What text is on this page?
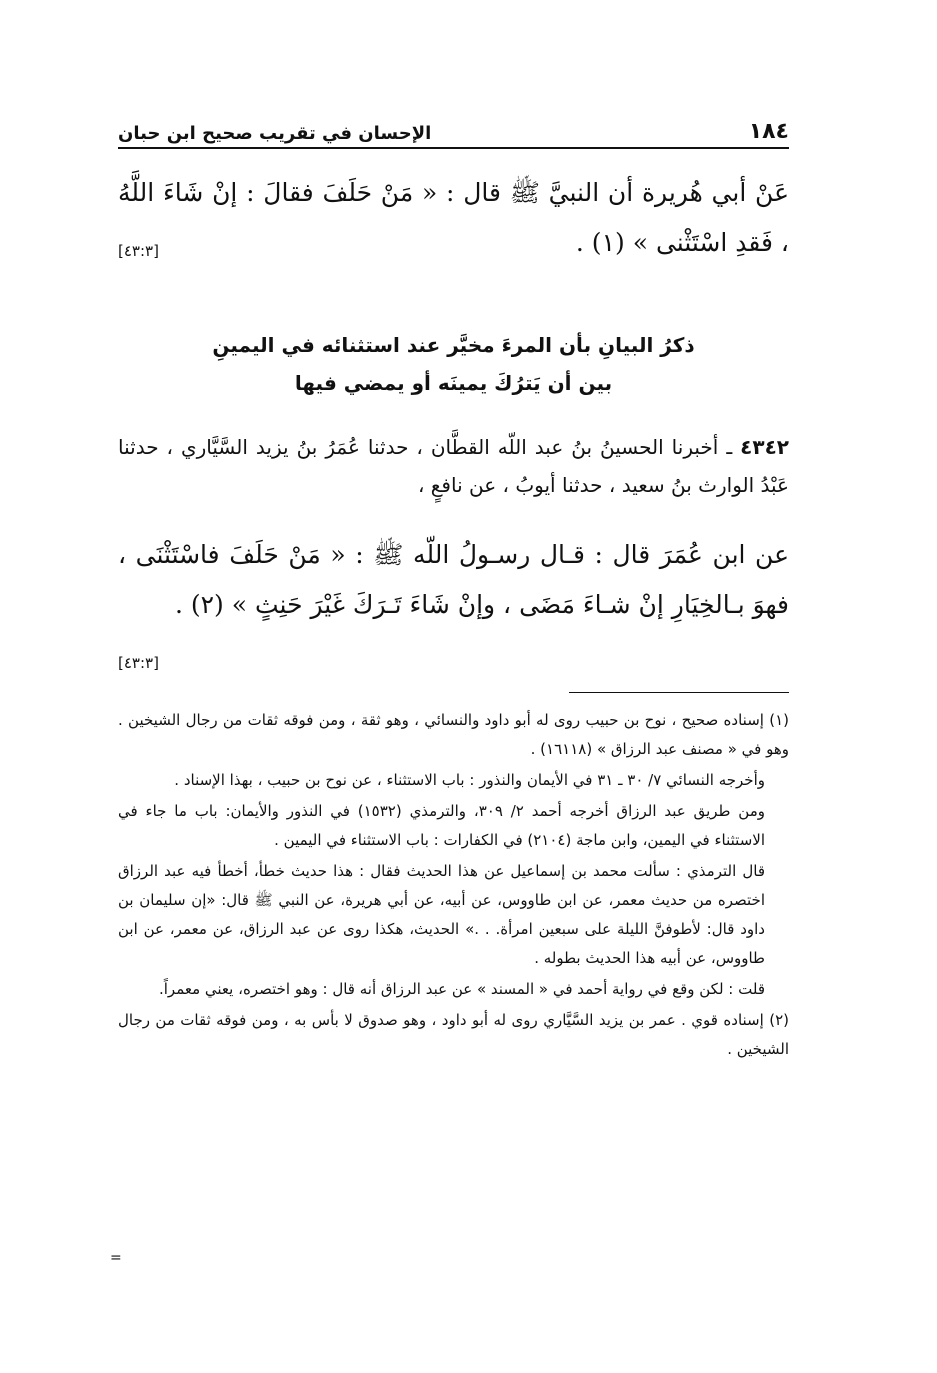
١٨٤
الإحسان في تقريب صحيح ابن حبان
عَنْ أبي هُريرة أن النبيَّ ﷺ قال : « مَنْ حَلَفَ فقالَ : إنْ شَاءَ اللَّهُ ، فَقدِ اسْتَثْنى » (١) .
[٤٣:٣]
ذكرُ البيانِ بأن المرءَ مخيَّر عند استثنائه في اليمينِ
بين أن يَترُكَ يمينَه أو يمضي فيها
٤٣٤٢ ـ أخبرنا الحسينُ بنُ عبد اللّه القطَّان ، حدثنا عُمَرُ بنُ يزيد السَّيَّاري ، حدثنا عَبْدُ الوارث بنُ سعيد ، حدثنا أيوبُ ، عن نافعٍ ،
عن ابن عُمَرَ قال : قـال رسـولُ اللّه ﷺ : « مَنْ حَلَفَ فاسْتَثْنَى ، فهوَ بـالخِيَارِ إنْ شـاءَ مَضَى ، وإنْ شَاءَ تَـرَكَ غَيْرَ حَنِثٍ » (٢) .
[٤٣:٣]

(١) إسناده صحيح ، نوح بن حبيب روى له أبو داود والنسائي ، وهو ثقة ، ومن فوقه ثقات من رجال الشيخين . وهو في « مصنف عبد الرزاق » (١٦١١٨) .

وأخرجه النسائي ٧/ ٣٠ ـ ٣١ في الأيمان والنذور : باب الاستثناء ، عن نوح بن حبيب ، بهذا الإسناد .

ومن طريق عبد الرزاق أخرجه أحمد ٢/ ٣٠٩، والترمذي (١٥٣٢) في النذور والأيمان: باب ما جاء في الاستثناء في اليمين، وابن ماجة (٢١٠٤) في الكفارات : باب الاستثناء في اليمين .

قال الترمذي : سألت محمد بن إسماعيل عن هذا الحديث فقال : هذا حديث خطأ، أخطأ فيه عبد الرزاق اختصره من حديث معمر، عن ابن طاووس، عن أبيه، عن أبي هريرة، عن النبي ﷺ قال: «إن سليمان بن داود قال: لأطوفنَّ الليلة على سبعين امرأة. . .» الحديث، هكذا روى عن عبد الرزاق، عن معمر، عن ابن طاووس، عن أبيه هذا الحديث بطوله .

قلت : لكن وقع في رواية أحمد في « المسند » عن عبد الرزاق أنه قال : وهو اختصره، يعني معمراً.

(٢) إسناده قوي . عمر بن يزيد السَّيَّاري روى له أبو داود ، وهو صدوق لا بأس به ، ومن فوقه ثقات من رجال الشيخين .

=
